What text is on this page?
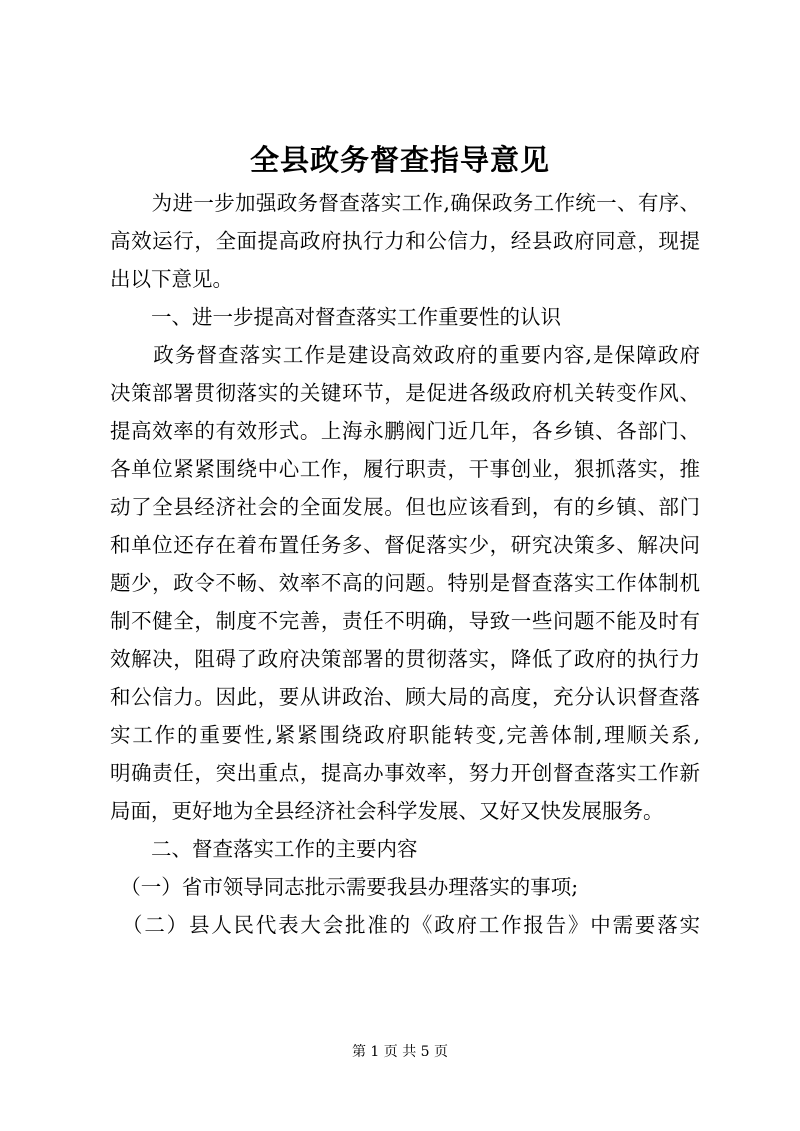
全县政务督查指导意见
　　为进一步加强政务督查落实工作,确保政务工作统一、有序、
高效运行，全面提高政府执行力和公信力，经县政府同意，现提
出以下意见。
　　一、进一步提高对督查落实工作重要性的认识
　　政务督查落实工作是建设高效政府的重要内容,是保障政府
决策部署贯彻落实的关键环节，是促进各级政府机关转变作风、
提高效率的有效形式。上海永鹏阀门近几年，各乡镇、各部门、
各单位紧紧围绕中心工作，履行职责，干事创业，狠抓落实，推
动了全县经济社会的全面发展。但也应该看到，有的乡镇、部门
和单位还存在着布置任务多、督促落实少，研究决策多、解决问
题少，政令不畅、效率不高的问题。特别是督查落实工作体制机
制不健全，制度不完善，责任不明确，导致一些问题不能及时有
效解决，阻碍了政府决策部署的贯彻落实，降低了政府的执行力
和公信力。因此，要从讲政治、顾大局的高度，充分认识督查落
实工作的重要性,紧紧围绕政府职能转变,完善体制,理顺关系,
明确责任，突出重点，提高办事效率，努力开创督查落实工作新
局面，更好地为全县经济社会科学发展、又好又快发展服务。
　　二、督查落实工作的主要内容
　（一）省市领导同志批示需要我县办理落实的事项;
　（二）县人民代表大会批准的《政府工作报告》中需要落实
第 1 页 共 5 页
